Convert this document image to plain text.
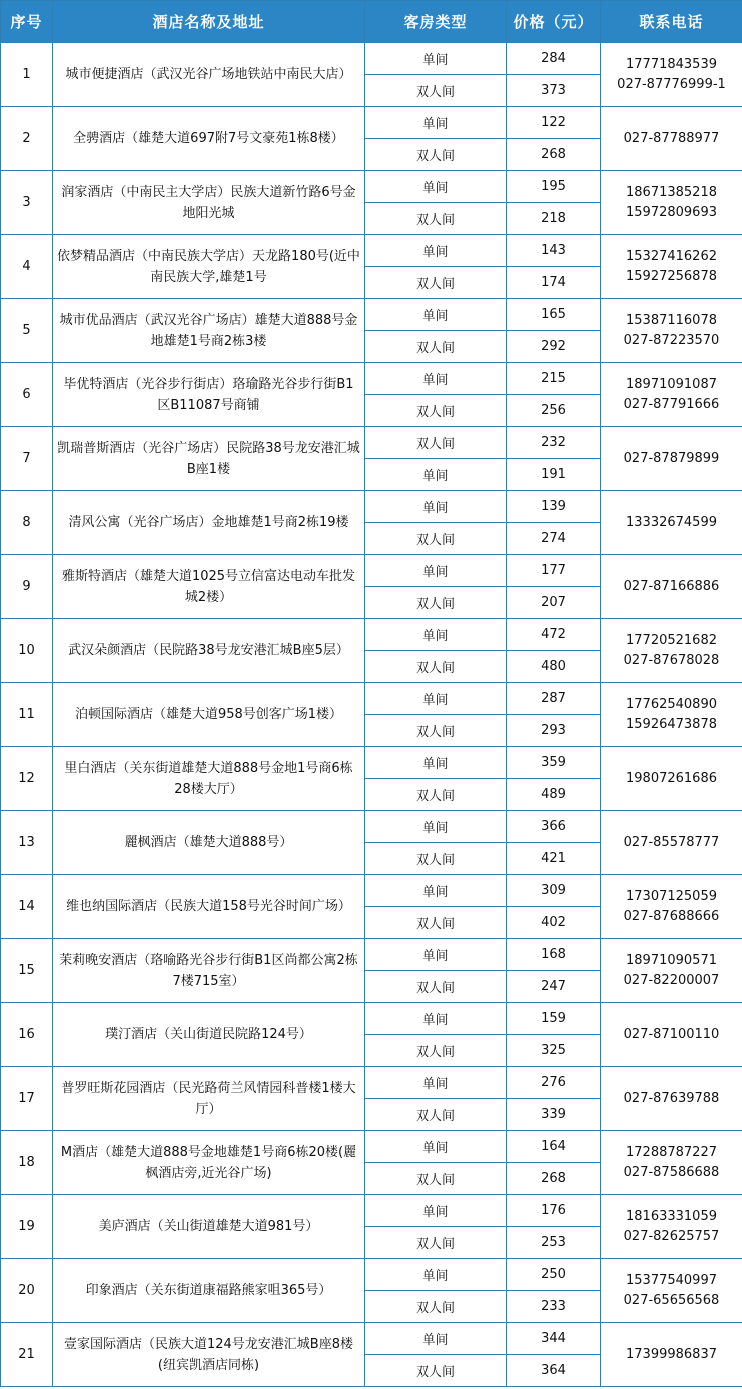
序号	酒店名称及地址	客房类型	价格（元）	联系电话
1	城市便捷酒店（武汉光谷广场地铁站中南民大店）	单间	284	17771843539
027-87776999-1

		双人间	373	
2	全骋酒店（雄楚大道697附7号文豪苑1栋8楼）	单间	122	027-87788977

		双人间	268	
3	润家酒店（中南民主大学店）民族大道新竹路6号金地阳光城	单间	195	18671385218
15972809693

		双人间	218	
4	依梦精品酒店（中南民族大学店）天龙路180号(近中南民族大学,雄楚1号	单间	143	15327416262
15927256878

		双人间	174	
5	城市优品酒店（武汉光谷广场店）雄楚大道888号金地雄楚1号商2栋3楼	单间	165	15387116078
027-87223570

		双人间	292	
6	毕优特酒店（光谷步行街店）珞瑜路光谷步行街B1区B11087号商铺	单间	215	18971091087
027-87791666

		双人间	256	
7	凯瑞普斯酒店（光谷广场店）民院路38号龙安港汇城B座1楼	双人间	232	027-87879899

		单间	191	
8	清风公寓（光谷广场店）金地雄楚1号商2栋19楼	单间	139	13332674599

		双人间	274	
9	雅斯特酒店（雄楚大道1025号立信富达电动车批发城2楼）	单间	177	027-87166886

		双人间	207	
10	武汉朵颜酒店（民院路38号龙安港汇城B座5层）	单间	472	17720521682
027-87678028

		双人间	480	
11	泊顿国际酒店（雄楚大道958号创客广场1楼）	单间	287	17762540890
15926473878

		双人间	293	
12	里白酒店（关东街道雄楚大道888号金地1号商6栋28楼大厅）	单间	359	19807261686

		双人间	489	
13	麗枫酒店（雄楚大道888号）	单间	366	027-85578777

		双人间	421	
14	维也纳国际酒店（民族大道158号光谷时间广场）	单间	309	17307125059
027-87688666

		双人间	402	
15	茉莉晚安酒店（珞喻路光谷步行街B1区尚都公寓2栋7楼715室）	单间	168	18971090571
027-82200007

		双人间	247	
16	璞汀酒店（关山街道民院路124号）	单间	159	027-87100110

		双人间	325	
17	普罗旺斯花园酒店（民光路荷兰风情园科普楼1楼大厅）	单间	276	027-87639788

		双人间	339	
18	M酒店（雄楚大道888号金地雄楚1号商6栋20楼(麗枫酒店旁,近光谷广场)	单间	164	17288787227
027-87586688

		双人间	268	
19	美庐酒店（关山街道雄楚大道981号）	单间	176	18163331059
027-82625757

		双人间	253	
20	印象酒店（关东街道康福路熊家咀365号）	单间	250	15377540997
027-65656568

		双人间	233	
21	壹家国际酒店（民族大道124号龙安港汇城B座8楼(纽宾凯酒店同栋)	单间	344	17399986837

		双人间	364	
